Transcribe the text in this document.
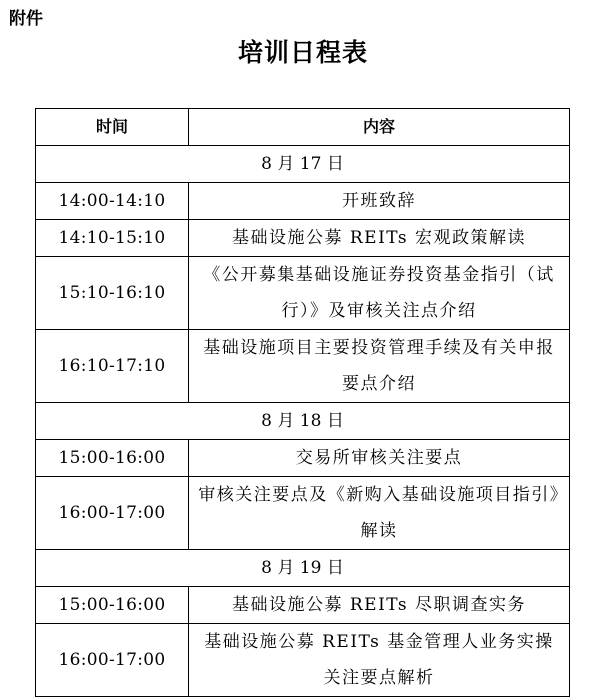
附件
培训日程表
时间	内容
8 月 17 日	
14:00-14:10	开班致辞
14:10-15:10	基础设施公募 REITs 宏观政策解读
15:10-16:10	《公开募集基础设施证券投资基金指引（试行）》及审核关注点介绍
16:10-17:10	基础设施项目主要投资管理手续及有关申报要点介绍
8 月 18 日	
15:00-16:00	交易所审核关注要点
16:00-17:00	审核关注要点及《新购入基础设施项目指引》解读
8 月 19 日	
15:00-16:00	基础设施公募 REITs 尽职调查实务
16:00-17:00	基础设施公募 REITs 基金管理人业务实操关注要点解析
